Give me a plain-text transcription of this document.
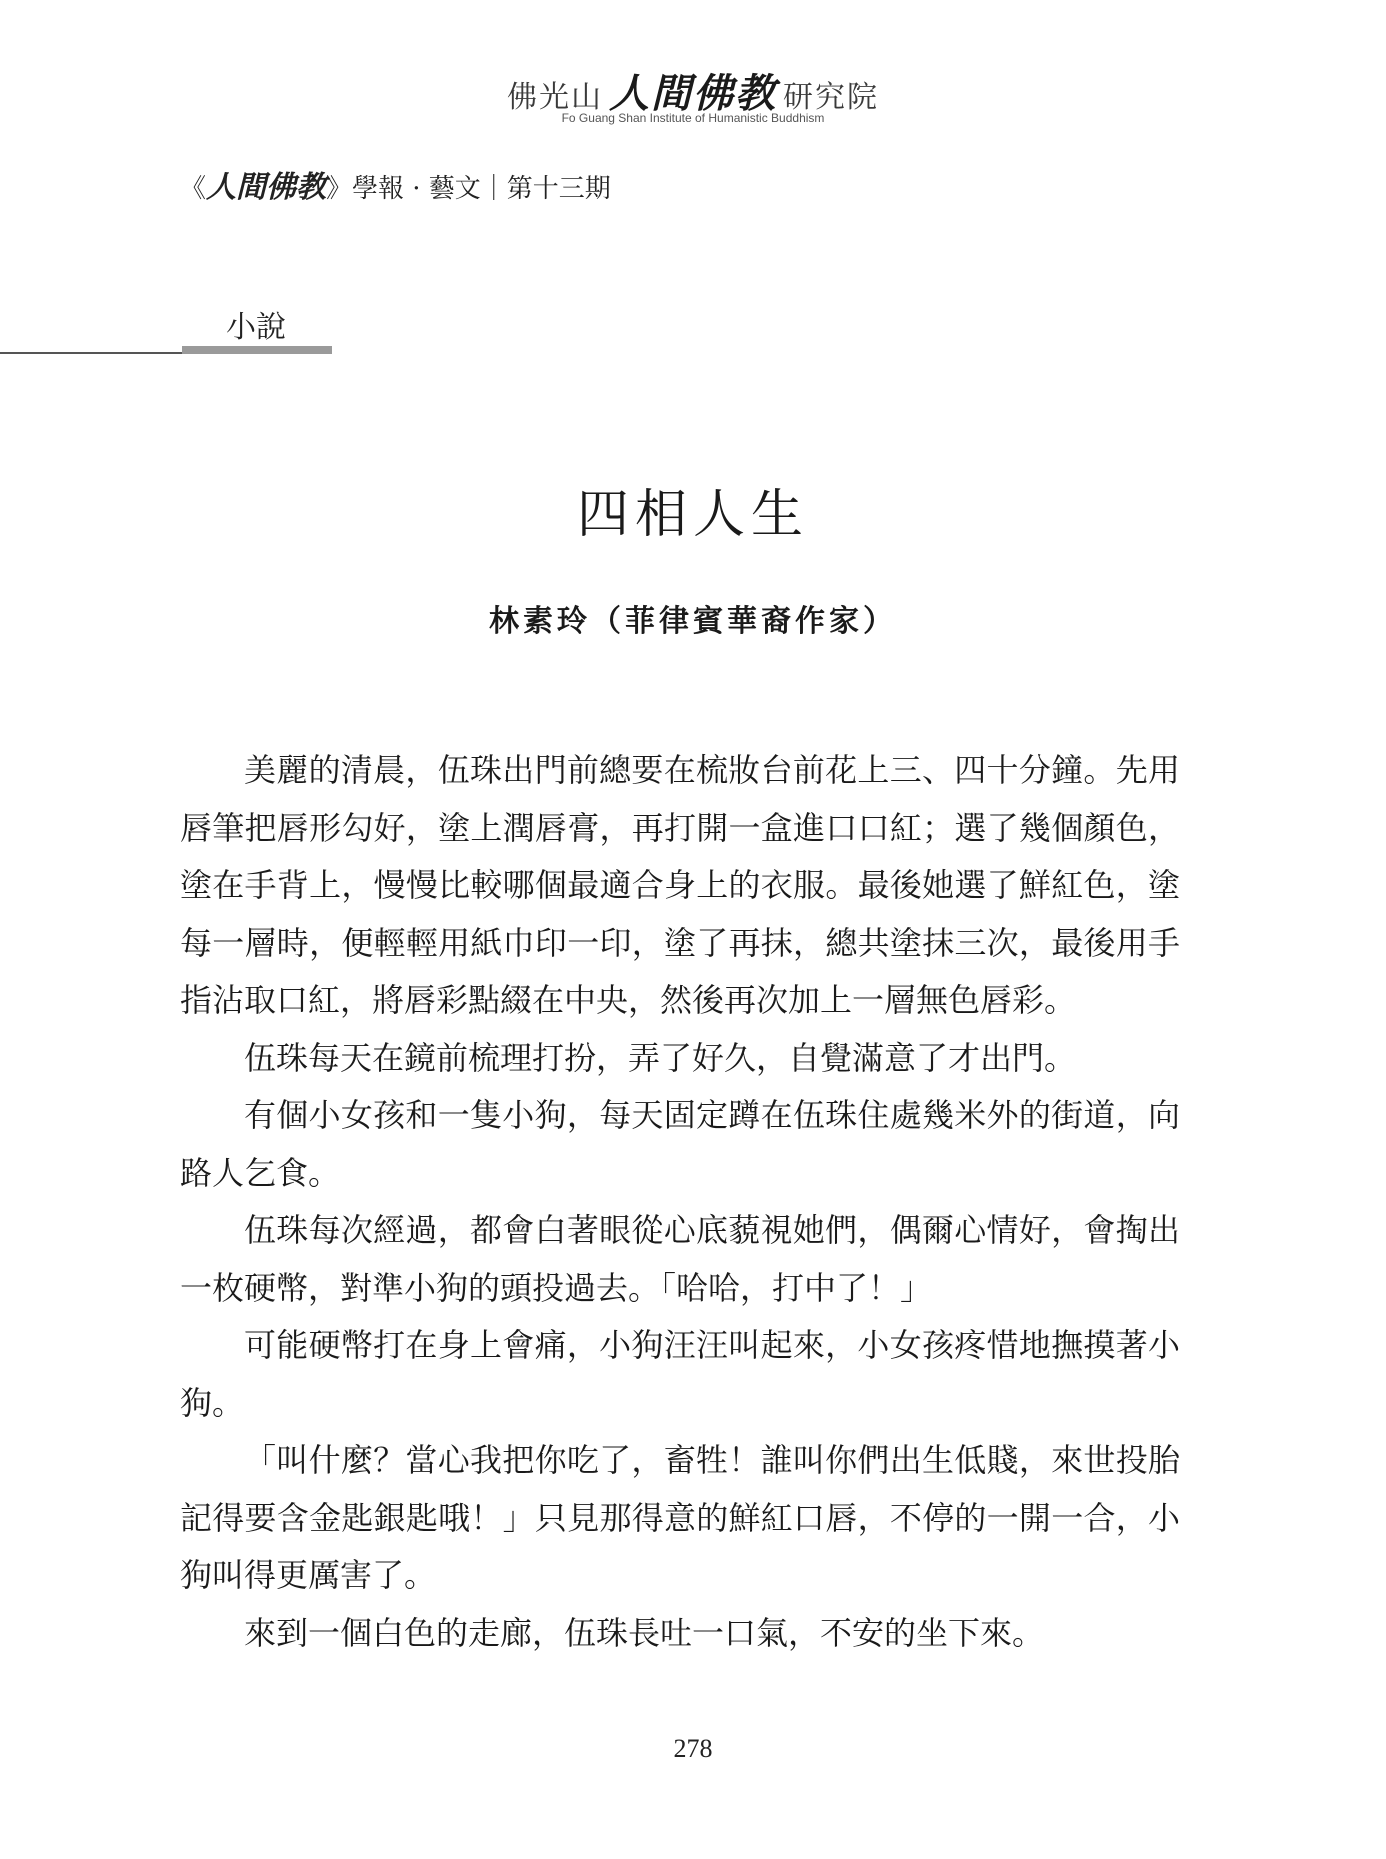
佛光山 人間佛教 研究院
Fo Guang Shan Institute of Humanistic Buddhism
《人間佛教》學報 · 藝文｜第十三期
小說
四相人生
林素玲（菲律賓華裔作家）

美麗的清晨，伍珠出門前總要在梳妝台前花上三、四十分鐘。先用唇筆把唇形勾好，塗上潤唇膏，再打開一盒進口口紅；選了幾個顏色，塗在手背上，慢慢比較哪個最適合身上的衣服。最後她選了鮮紅色，塗每一層時，便輕輕用紙巾印一印，塗了再抹，總共塗抹三次，最後用手指沾取口紅，將唇彩點綴在中央，然後再次加上一層無色唇彩。

伍珠每天在鏡前梳理打扮，弄了好久，自覺滿意了才出門。

有個小女孩和一隻小狗，每天固定蹲在伍珠住處幾米外的街道，向路人乞食。

伍珠每次經過，都會白著眼從心底藐視她們，偶爾心情好，會掏出一枚硬幣，對準小狗的頭投過去。「哈哈，打中了！」

可能硬幣打在身上會痛，小狗汪汪叫起來，小女孩疼惜地撫摸著小狗。

「叫什麼？當心我把你吃了，畜牲！誰叫你們出生低賤，來世投胎記得要含金匙銀匙哦！」只見那得意的鮮紅口唇，不停的一開一合，小狗叫得更厲害了。

來到一個白色的走廊，伍珠長吐一口氣，不安的坐下來。

278
